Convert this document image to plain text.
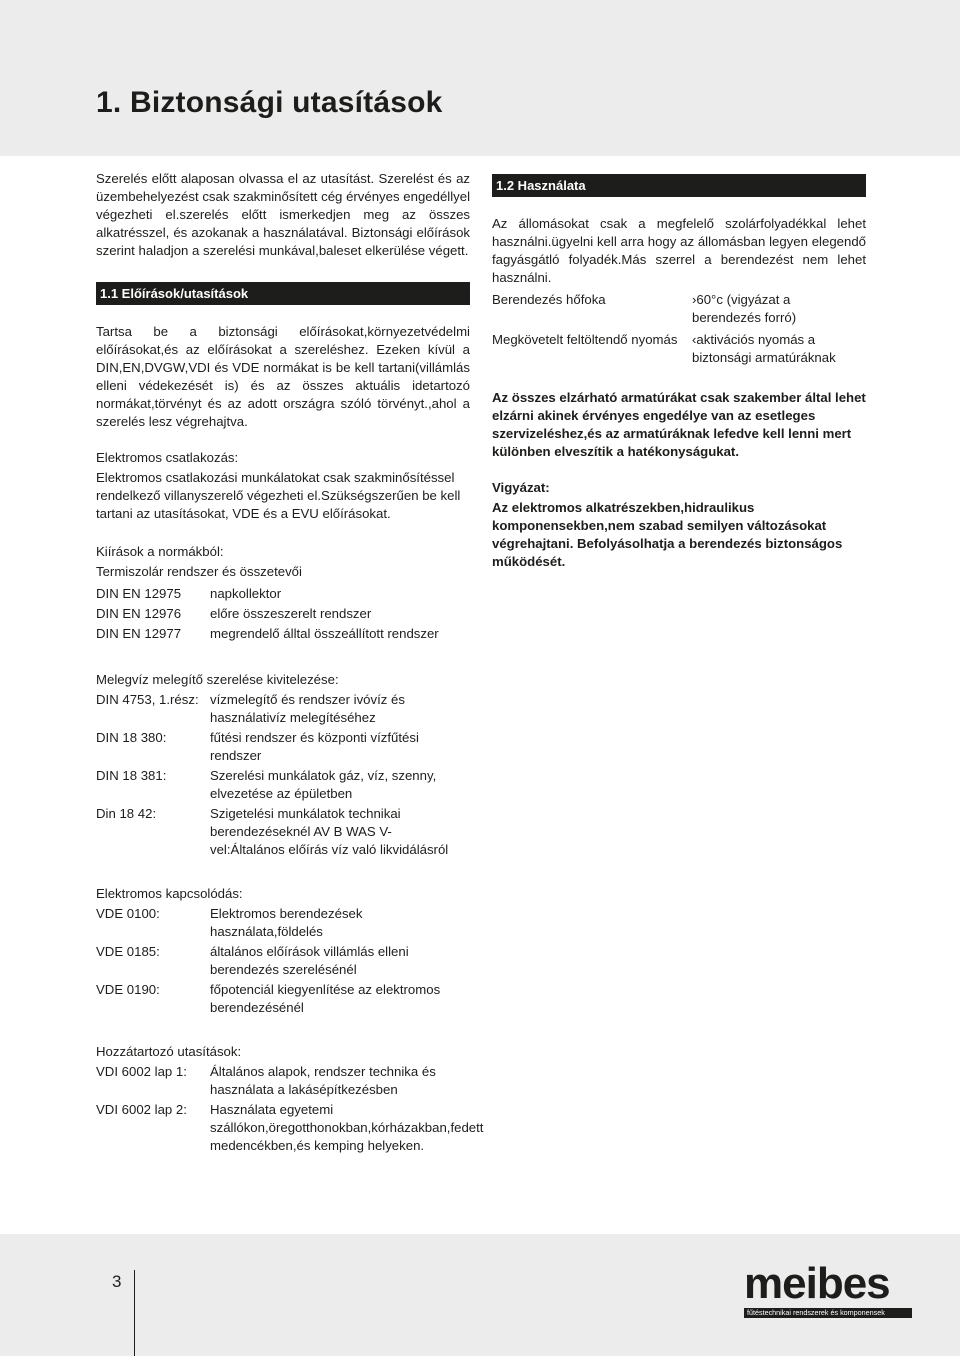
1. Biztonsági utasítások

Szerelés előtt alaposan olvassa el az utasítást. Szerelést és az üzembehelyezést csak szakminősített cég érvényes engedéllyel végezheti el.szerelés előtt ismerkedjen meg az összes alkatrésszel, és azokanak a használatával. Biztonsági előírások szerint haladjon a szerelési munkával,baleset elkerülése végett.

1.1 Előírások/utasítások

Tartsa be a biztonsági előírásokat,környezetvédelmi előírásokat,és az előírásokat a szereléshez. Ezeken kívül a DIN,EN,DVGW,VDI és VDE normákat is be kell tartani(villámlás elleni védekezését is) és az összes aktuális idetartozó normákat,törvényt és az adott országra szóló törvényt.,ahol a szerelés lesz végrehajtva.

Elektromos csatlakozás:

Elektromos csatlakozási munkálatokat csak szakminősítéssel rendelkező villanyszerelő végezheti el.Szükségszerűen be kell tartani az utasításokat, VDE és a EVU előírásokat.

Kiírások a normákból:

Termiszolár rendszer és összetevői

DIN EN 12975	napkollektor
DIN EN 12976	előre összeszerelt rendszer
DIN EN 12977	megrendelő álltal összeállított rendszer

Melegvíz melegítő szerelése kivitelezése:

DIN 4753, 1.rész: vízmelegítő és rendszer ivóvíz és használativíz melegítéséhez
DIN 18 380:	fűtési rendszer és központi vízfűtési rendszer
DIN 18 381:	Szerelési munkálatok gáz, víz, szenny, elvezetése az épületben
Din 18 42:	Szigetelési munkálatok technikai berendezéseknél AV B WAS V-vel:Általános előírás víz való likvidálásról

Elektromos kapcsolódás:

VDE 0100:	Elektromos berendezések használata,földelés
VDE 0185:	általános előírások villámlás elleni berendezés szerelésénél
VDE 0190:	főpotenciál kiegyenlítése az elektromos berendezésénél

Hozzátartozó utasítások:

VDI 6002 lap 1:	Általános alapok, rendszer technika és használata a lakásépítkezésben
VDI 6002 lap 2:	Használata egyetemi szállókon,öregotthonokban,kórházakban,fedett medencékben,és kemping helyeken.
1.2 Használata

Az állomásokat csak a megfelelő szolárfolyadékkal lehet használni.ügyelni kell arra hogy az állomásban legyen elegendő fagyásgátló folyadék.Más szerrel a berendezést nem lehet használni.

Berendezés hőfoka	›60°c (vigyázat a berendezés forró)
Megkövetelt feltöltendő nyomás	‹aktivációs nyomás a biztonsági armatúráknak

Az összes elzárható armatúrákat csak szakember által lehet elzárni akinek érvényes engedélye van az esetleges szervizeléshez,és az armatúráknak lefedve kell lenni mert különben elveszítik a hatékonyságukat.

Vigyázat:

Az elektromos alkatrészekben,hidraulikus komponensekben,nem szabad semilyen változásokat végrehajtani. Befolyásolhatja a berendezés biztonságos működését.

3	meibes
fűtéstechnikai rendszerek és komponensek
